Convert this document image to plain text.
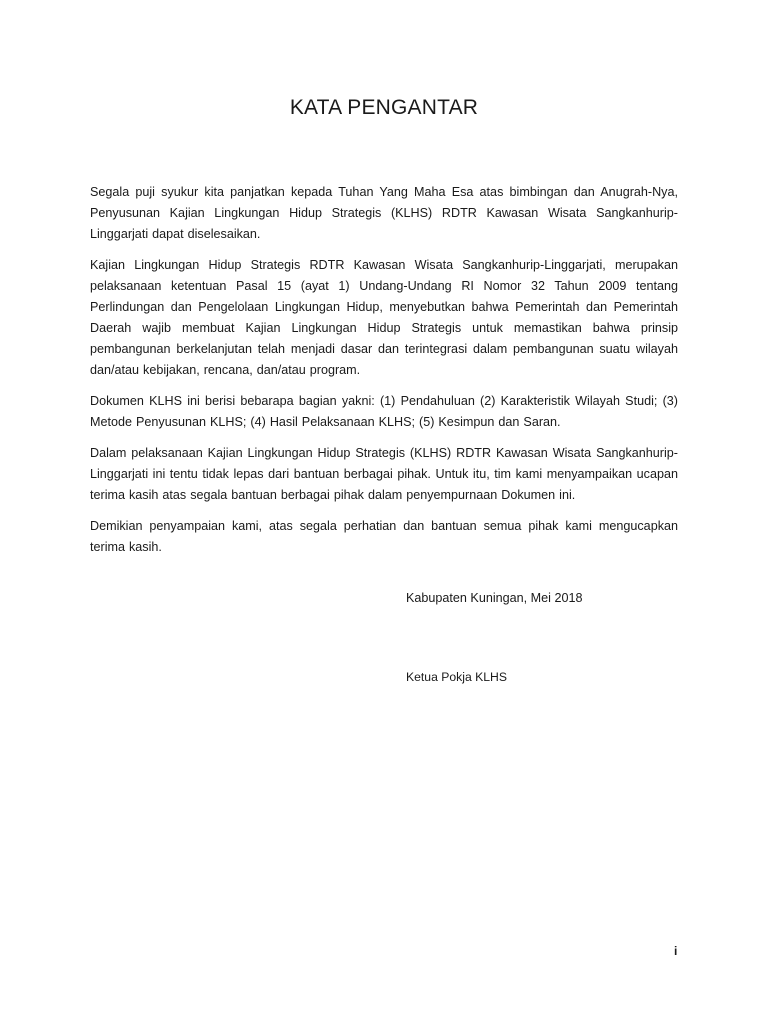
KATA PENGANTAR

Segala puji syukur kita panjatkan kepada Tuhan Yang Maha Esa atas bimbingan dan Anugrah-Nya, Penyusunan Kajian Lingkungan Hidup Strategis (KLHS) RDTR Kawasan Wisata Sangkanhurip-Linggarjati dapat diselesaikan.

Kajian Lingkungan Hidup Strategis RDTR Kawasan Wisata Sangkanhurip-Linggarjati, merupakan pelaksanaan ketentuan Pasal 15 (ayat 1) Undang-Undang RI Nomor 32 Tahun 2009 tentang Perlindungan dan Pengelolaan Lingkungan Hidup, menyebutkan bahwa Pemerintah dan Pemerintah Daerah wajib membuat Kajian Lingkungan Hidup Strategis untuk memastikan bahwa prinsip pembangunan berkelanjutan telah menjadi dasar dan terintegrasi dalam pembangunan suatu wilayah dan/atau kebijakan, rencana, dan/atau program.

Dokumen KLHS ini berisi bebarapa bagian yakni: (1) Pendahuluan (2) Karakteristik Wilayah Studi; (3) Metode Penyusunan KLHS; (4) Hasil Pelaksanaan KLHS; (5) Kesimpun dan Saran.

Dalam pelaksanaan Kajian Lingkungan Hidup Strategis (KLHS) RDTR Kawasan Wisata Sangkanhurip-Linggarjati ini tentu tidak lepas dari bantuan berbagai pihak. Untuk itu, tim kami menyampaikan ucapan terima kasih atas segala bantuan berbagai pihak dalam penyempurnaan Dokumen ini.

Demikian penyampaian kami, atas segala perhatian dan bantuan semua pihak kami mengucapkan terima kasih.

Kabupaten Kuningan, Mei 2018

Ketua Pokja KLHS

i
